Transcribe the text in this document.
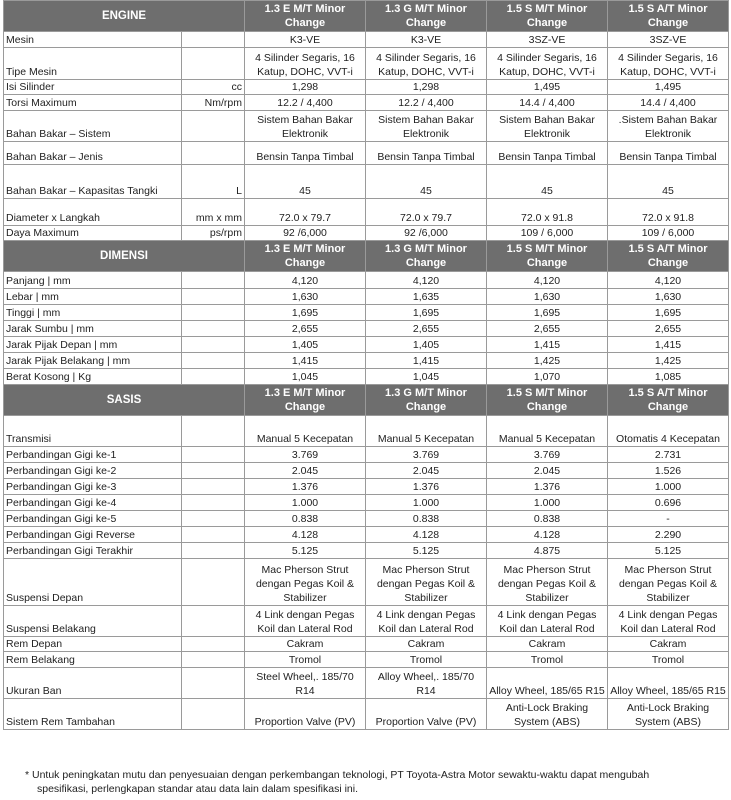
ENGINE		1.3 E M/T Minor Change	1.3 G M/T Minor Change	1.5 S M/T Minor Change	1.5 S A/T Minor Change
Mesin		K3-VE	K3-VE	3SZ-VE	3SZ-VE
Tipe Mesin		4 Silinder Segaris, 16 Katup, DOHC, VVT-i	4 Silinder Segaris, 16 Katup, DOHC, VVT-i	4 Silinder Segaris, 16 Katup, DOHC, VVT-i	4 Silinder Segaris, 16 Katup, DOHC, VVT-i
Isi Silinder	cc	1,298	1,298	1,495	1,495
Torsi Maximum	Nm/rpm	12.2 / 4,400	12.2 / 4,400	14.4 / 4,400	14.4 / 4,400
Bahan Bakar – Sistem		Sistem Bahan Bakar Elektronik	Sistem Bahan Bakar Elektronik	Sistem Bahan Bakar Elektronik	.Sistem Bahan Bakar Elektronik
Bahan Bakar – Jenis		Bensin Tanpa Timbal	Bensin Tanpa Timbal	Bensin Tanpa Timbal	Bensin Tanpa Timbal
Bahan Bakar – Kapasitas Tangki	L	45	45	45	45
Diameter x Langkah	mm x mm	72.0 x 79.7	72.0 x 79.7	72.0 x 91.8	72.0 x 91.8
Daya Maximum	ps/rpm	92 /6,000	92 /6,000	109 / 6,000	109 / 6,000
DIMENSI		1.3 E M/T Minor Change	1.3 G M/T Minor Change	1.5 S M/T Minor Change	1.5 S A/T Minor Change
Panjang | mm		4,120	4,120	4,120	4,120
Lebar | mm		1,630	1,635	1,630	1,630
Tinggi | mm		1,695	1,695	1,695	1,695
Jarak Sumbu | mm		2,655	2,655	2,655	2,655
Jarak Pijak Depan | mm		1,405	1,405	1,415	1,415
Jarak Pijak Belakang | mm		1,415	1,415	1,425	1,425
Berat Kosong | Kg		1,045	1,045	1,070	1,085
SASIS		1.3 E M/T Minor Change	1.3 G M/T Minor Change	1.5 S M/T Minor Change	1.5 S A/T Minor Change
Transmisi		Manual 5 Kecepatan	Manual 5 Kecepatan	Manual 5 Kecepatan	Otomatis 4 Kecepatan
Perbandingan Gigi ke-1		3.769	3.769	3.769	2.731
Perbandingan Gigi ke-2		2.045	2.045	2.045	1.526
Perbandingan Gigi ke-3		1.376	1.376	1.376	1.000
Perbandingan Gigi ke-4		1.000	1.000	1.000	0.696
Perbandingan Gigi ke-5		0.838	0.838	0.838	-
Perbandingan Gigi Reverse		4.128	4.128	4.128	2.290
Perbandingan Gigi Terakhir		5.125	5.125	4.875	5.125
Suspensi Depan		Mac Pherson Strut dengan Pegas Koil & Stabilizer	Mac Pherson Strut dengan Pegas Koil & Stabilizer	Mac Pherson Strut dengan Pegas Koil & Stabilizer	Mac Pherson Strut dengan Pegas Koil & Stabilizer
Suspensi Belakang		4 Link dengan Pegas Koil dan Lateral Rod	4 Link dengan Pegas Koil dan Lateral Rod	4 Link dengan Pegas Koil dan Lateral Rod	4 Link dengan Pegas Koil dan Lateral Rod
Rem Depan		Cakram	Cakram	Cakram	Cakram
Rem Belakang		Tromol	Tromol	Tromol	Tromol
Ukuran Ban		Steel Wheel,. 185/70 R14	Alloy Wheel,. 185/70 R14	Alloy Wheel, 185/65 R15	Alloy Wheel, 185/65 R15
Sistem Rem Tambahan		Proportion Valve (PV)	Proportion Valve (PV)	Anti-Lock Braking System (ABS)	Anti-Lock Braking System (ABS)
* Untuk peningkatan mutu dan penyesuaian dengan perkembangan teknologi, PT Toyota-Astra Motor sewaktu-waktu dapat mengubah
spesifikasi, perlengkapan standar atau data lain dalam spesifikasi ini.
